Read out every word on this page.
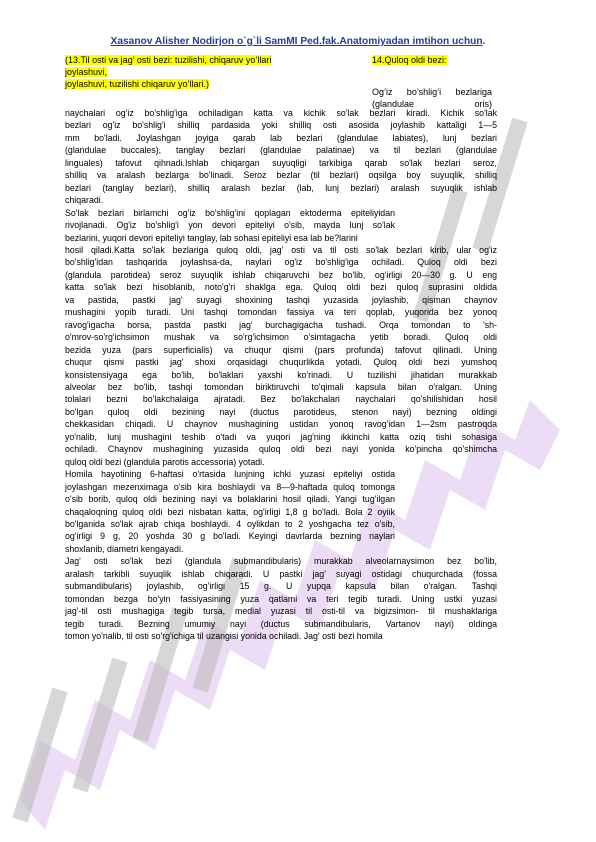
Xasanov Alisher Nodirjon o`g`li SamMI Ped.fak.Anatomiyadan imtihon uchun.
(13.Til osti va jag’ osti bezi: tuzilishi, chiqaruv yo’llari
joylashuvi,
joylashuvi, tuzilishi chiqaruv yo’llari.)
14.Quloq oldi bezi:
Og’iz bo’shlig’i bezlariga
(glandulae	oris)
naychalari og'iz bo'shlig'iga ochiladigan katta va kichik so'lak bezlari kiradi. Kichik so'lak
bezlari og'iz bo'shlig'i shilliq pardasida yoki shilliq osti asosida joylashib kattaligi 1—5
mm bo'ladi. Joylashgan joyiga qarab lab bezlari (glandulae labiates), lunj bezlari
(glandulae buccales), tanglay bezlari (glandulae palatinae) va til bezlari (glandulae
linguales) tafovut qihnadi.Ishlab chiqargan suyuqligi tarkibiga qarab so'lak bezlari seroz,
shilliq va aralash bezlarga bo'linadi. Seroz bezlar (til bezlari) oqsilga boy suyuqlik, shilliq
bezlari (tanglay bezlari), shilliq aralash bezlar (lab, lunj bezlari) aralash suyuqlik ishlab
chiqaradi.
So'lak bezlari birlamchi og'iz bo'shlig'ini qoplagan ektoderma epiteliyidan
rivojlanadi. Og'iz bo'shlig'i yon devori epiteliyi o'sib, mayda lunj so'lak
bezlarini, yuqori devori epiteliyi tanglay, lab sohasi epiteliyi esa lab be?larini
hosil qiladi.Katta so'lak bezlariga quloq oldi, jag' osti va til osti so'lak bezlari kirib, ular og'iz
bo'shlig'idan tashqarida joylashsa-da, naylari og'iz bo'shlig'iga ochiladi. Quloq oldi bezi
(glandula parotidea) seroz suyuqlik ishlab chiqaruvchi bez bo'lib, og'irligi 20—30 g. U eng
katta so'lak bezi hisoblanib, noto'g'ri shaklga ega. Quloq oldi bezi quloq suprasini oldida
va pastida, pastki jag' suyagi shoxining tashqi yuzasida joylashib, qisman chaynov
mushagini yopib turadi. Uni tashqi tomondan fassiya va teri qoplab, yuqorida bez yonoq
ravog'igacha borsa, pastda pastki jag' burchagigacha tushadi. Orqa tomondan to 'sh-
o'mrov-so'rg'ichsimon mushak va so'rg'ichsimon o'simtagacha yetib boradi. Quloq oldi
bezida yuza (pars superficialis) va chuqur qismi (pars profunda) tafovut qilinadi. Uning
chuqur qismi pastki jag' shoxi orqasidagi chuqurlikda yotadi. Quloq oldi bezi yumshoq
konsistensiyaga ega bo'lib, bo'laklari yaxshi ko'rinadi. U tuzilishi jihatidan murakkab
alveolar bez bo'lib, tashqi tomondan biriktiruvchi to'qimali kapsula bilan o'ralgan. Uning
tolalari bezni bo'lakchalaiga ajratadi. Bez bo'lakchalari naychalari qo'shilishidan hosil
bo'lgan quloq oldi bezining nayi (ductus parotideus, stenon nayi) bezning oldingi
chekkasidan chiqadi. U chaynov mushagining ustidan yonoq ravog'idan 1—2sm pastroqda
yo'nalib, lunj mushagini teshib o'tadi va yuqori jag'ning ikkinchi katta oziq tishi sohasiga
ochiladi. Chaynov mushagining yuzasida quloq oldi bezi nayi yonida ko'pincha qo'shimcha
quloq oldi bezi (glandula parotis accessoria) yotadi.
Homila hayotining 6-haftasi o'rtasida lunjning ichki yuzasi epiteliyi ostida
joylashgan mezenximaga o'sib kira boshlaydi va 8—9-haftada quloq tomonga
o'sib borib, quloq oldi bezining nayi va bolaklarini hosil qiladi. Yangi tug'ilgan
chaqaloqning quloq oldi bezi nisbatan katta, og'irligi 1,8 g bo'ladi. Bola 2 oyiik
bo'lganida so'lak ajrab chiqa boshlaydi. 4 oylikdan to 2 yoshgacha tez o'sib,
og'irligi 9 g, 20 yoshda 30 g bo'ladi. Keyingi davrlarda bezning naylari
shoxlanib, diametri kengayadi.
Jag' osti so'lak bezi (glandula submandibularis) murakkab alveolarnaysimon bez bo'lib,
aralash tarkibli suyuqlik ishlab chiqaradi. U pastki jag' suyagi ostidagi chuqurchada (fossa
submandibularis) joylashib, og'irligi 15 g. U yupqa kapsula bilan o'ralgan. Tashqi
tomondan bezga bo'yin fassiyasining yuza qatlami va teri tegib turadi. Uning ustki yuzasi
jag'-til osti mushagiga tegib tursa, medial yuzasi til osti-til va bigizsimon- til mushaklariga
tegib turadi. Bezning umumiy nayi (ductus submandibularis, Vartanov nayi) oldinga
tomon yo'nalib, til osti so'rg'ichiga til uzangisi yonida ochiladi. Jag' osti bezi homila
